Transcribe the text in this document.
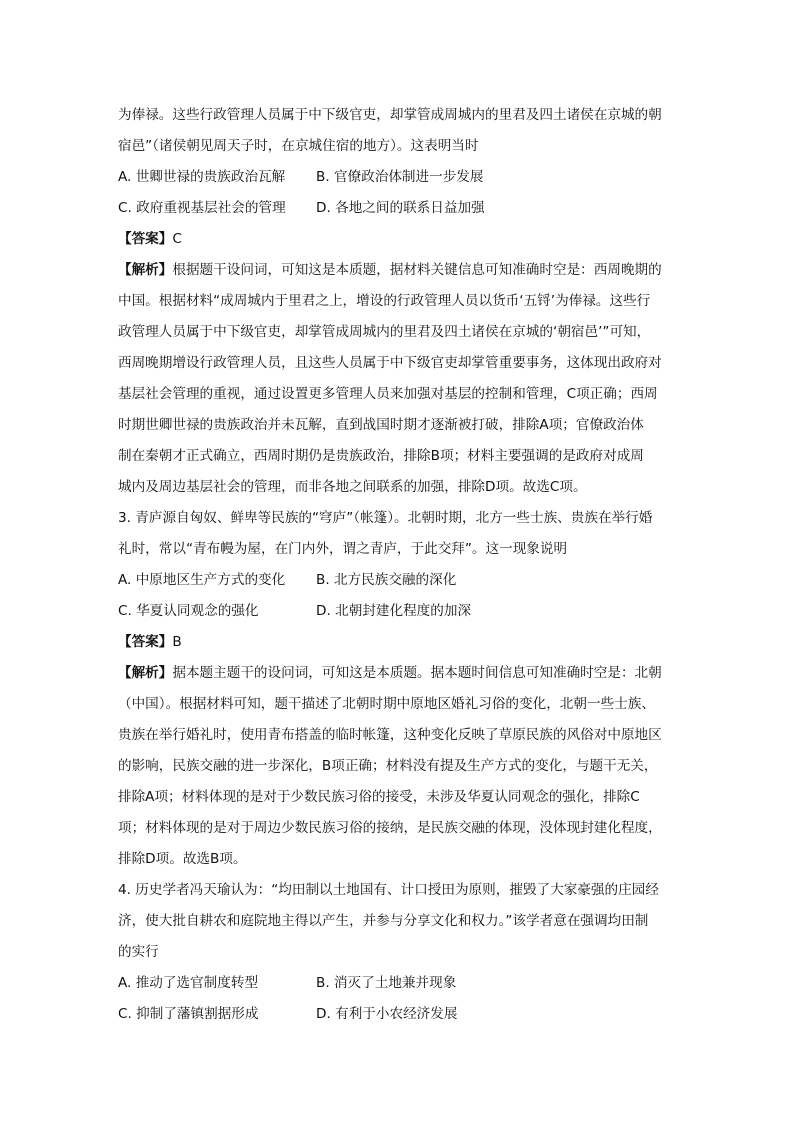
为俸禄。这些行政管理人员属于中下级官吏，却掌管成周城内的里君及四土诸侯在京城的朝
宿邑”（诸侯朝见周天子时，在京城住宿的地方）。这表明当时
A. 世卿世禄的贵族政治瓦解	B. 官僚政治体制进一步发展
C. 政府重视基层社会的管理	D. 各地之间的联系日益加强
【答案】C
【解析】根据题干设问词，可知这是本质题，据材料关键信息可知准确时空是：西周晚期的
中国。根据材料“成周城内于里君之上，增设的行政管理人员以货币‘五锊’为俸禄。这些行
政管理人员属于中下级官吏，却掌管成周城内的里君及四土诸侯在京城的‘朝宿邑’”可知，
西周晚期增设行政管理人员，且这些人员属于中下级官吏却掌管重要事务，这体现出政府对
基层社会管理的重视，通过设置更多管理人员来加强对基层的控制和管理，C项正确；西周
时期世卿世禄的贵族政治并未瓦解，直到战国时期才逐渐被打破，排除A项；官僚政治体
制在秦朝才正式确立，西周时期仍是贵族政治，排除B项；材料主要强调的是政府对成周
城内及周边基层社会的管理，而非各地之间联系的加强，排除D项。故选C项。
3. 青庐源自匈奴、鲜卑等民族的“穹庐”（帐篷）。北朝时期，北方一些士族、贵族在举行婚
礼时，常以“青布幔为屋，在门内外，谓之青庐，于此交拜”。这一现象说明
A. 中原地区生产方式的变化	B. 北方民族交融的深化
C. 华夏认同观念的强化	D. 北朝封建化程度的加深
【答案】B
【解析】据本题主题干的设问词，可知这是本质题。据本题时间信息可知准确时空是：北朝
（中国）。根据材料可知，题干描述了北朝时期中原地区婚礼习俗的变化，北朝一些士族、
贵族在举行婚礼时，使用青布搭盖的临时帐篷，这种变化反映了草原民族的风俗对中原地区
的影响，民族交融的进一步深化，B项正确；材料没有提及生产方式的变化，与题干无关，
排除A项；材料体现的是对于少数民族习俗的接受，未涉及华夏认同观念的强化，排除C
项；材料体现的是对于周边少数民族习俗的接纳，是民族交融的体现，没体现封建化程度，
排除D项。故选B项。
4. 历史学者冯天瑜认为：“均田制以土地国有、计口授田为原则，摧毁了大家豪强的庄园经
济，使大批自耕农和庭院地主得以产生，并参与分享文化和权力。”该学者意在强调均田制
的实行
A. 推动了选官制度转型	B. 消灭了土地兼并现象
C. 抑制了藩镇割据形成	D. 有利于小农经济发展
